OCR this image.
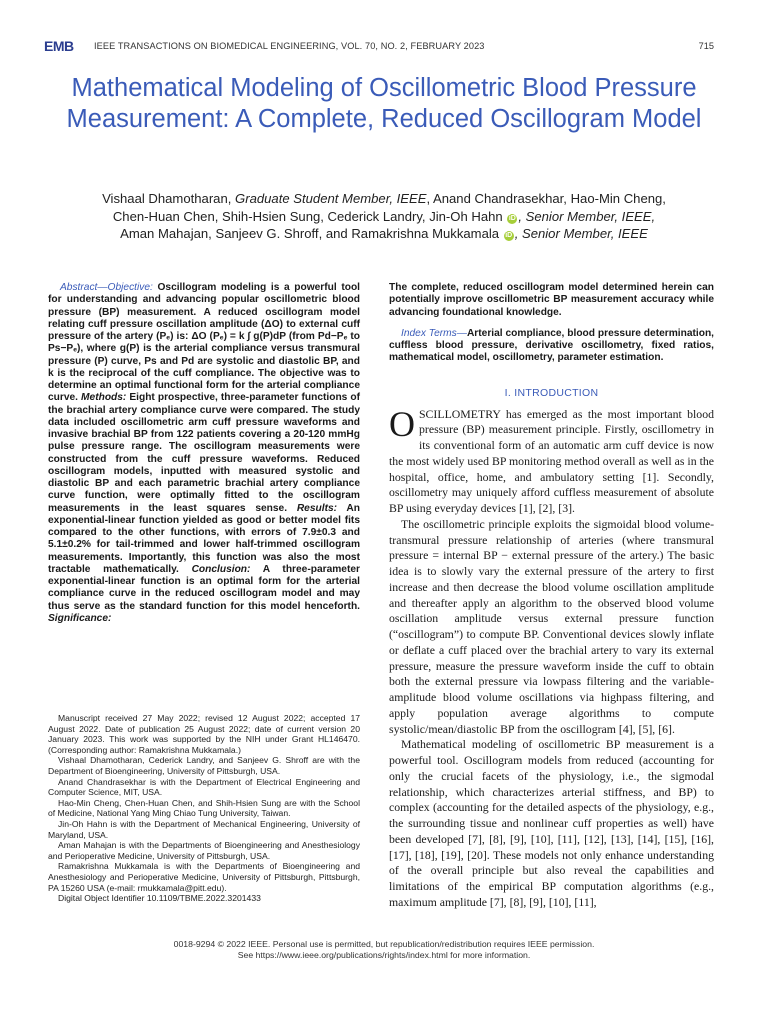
EMB IEEE TRANSACTIONS ON BIOMEDICAL ENGINEERING, VOL. 70, NO. 2, FEBRUARY 2023	715
Mathematical Modeling of Oscillometric Blood Pressure Measurement: A Complete, Reduced Oscillogram Model
Vishaal Dhamotharan, Graduate Student Member, IEEE, Anand Chandrasekhar, Hao-Min Cheng,
Chen-Huan Chen, Shih-Hsien Sung, Cederick Landry, Jin-Oh Hahn iD , Senior Member, IEEE,
Aman Mahajan, Sanjeev G. Shroff, and Ramakrishna Mukkamala iD , Senior Member, IEEE

Abstract—Objective: Oscillogram modeling is a powerful tool for understanding and advancing popular oscillometric blood pressure (BP) measurement. A reduced oscillogram model relating cuff pressure oscillation amplitude (ΔO) to external cuff pressure of the artery (Pₑ) is: ΔO (Pₑ) = k ∫ g(P)dP (from Pd−Pₑ to Ps−Pₑ), where g(P) is the arterial compliance versus transmural pressure (P) curve, Ps and Pd are systolic and diastolic BP, and k is the reciprocal of the cuff compliance. The objective was to determine an optimal functional form for the arterial compliance curve. Methods: Eight prospective, three-parameter functions of the brachial artery compliance curve were compared. The study data included oscillometric arm cuff pressure waveforms and invasive brachial BP from 122 patients covering a 20-120 mmHg pulse pressure range. The oscillogram measurements were constructed from the cuff pressure waveforms. Reduced oscillogram models, inputted with measured systolic and diastolic BP and each parametric brachial artery compliance curve function, were optimally fitted to the oscillogram measurements in the least squares sense. Results: An exponential-linear function yielded as good or better model fits compared to the other functions, with errors of 7.9±0.3 and 5.1±0.2% for tail-trimmed and lower half-trimmed oscillogram measurements. Importantly, this function was also the most tractable mathematically. Conclusion: A three-parameter exponential-linear function is an optimal form for the arterial compliance curve in the reduced oscillogram model and may thus serve as the standard function for this model henceforth. Significance:

Manuscript received 27 May 2022; revised 12 August 2022; accepted 17 August 2022. Date of publication 25 August 2022; date of current version 20 January 2023. This work was supported by the NIH under Grant HL146470. (Corresponding author: Ramakrishna Mukkamala.)

Vishaal Dhamotharan, Cederick Landry, and Sanjeev G. Shroff are with the Department of Bioengineering, University of Pittsburgh, USA.

Anand Chandrasekhar is with the Department of Electrical Engineering and Computer Science, MIT, USA.

Hao-Min Cheng, Chen-Huan Chen, and Shih-Hsien Sung are with the School of Medicine, National Yang Ming Chiao Tung University, Taiwan.

Jin-Oh Hahn is with the Department of Mechanical Engineering, University of Maryland, USA.

Aman Mahajan is with the Departments of Bioengineering and Anesthesiology and Perioperative Medicine, University of Pittsburgh, USA.

Ramakrishna Mukkamala is with the Departments of Bioengineering and Anesthesiology and Perioperative Medicine, University of Pittsburgh, Pittsburgh, PA 15260 USA (e-mail: rmukkamala@pitt.edu).

Digital Object Identifier 10.1109/TBME.2022.3201433

The complete, reduced oscillogram model determined herein can potentially improve oscillometric BP measurement accuracy while advancing foundational knowledge.

Index Terms—Arterial compliance, blood pressure determination, cuffless blood pressure, derivative oscillometry, fixed ratios, mathematical model, oscillometry, parameter estimation.

I. INTRODUCTION

OSCILLOMETRY has emerged as the most important blood pressure (BP) measurement principle. Firstly, oscillometry in its conventional form of an automatic arm cuff device is now the most widely used BP monitoring method overall as well as in the hospital, office, home, and ambulatory setting [1]. Secondly, oscillometry may uniquely afford cuffless measurement of absolute BP using everyday devices [1], [2], [3].

The oscillometric principle exploits the sigmoidal blood volume-transmural pressure relationship of arteries (where transmural pressure = internal BP − external pressure of the artery.) The basic idea is to slowly vary the external pressure of the artery to first increase and then decrease the blood volume oscillation amplitude and thereafter apply an algorithm to the observed blood volume oscillation amplitude versus external pressure function (“oscillogram”) to compute BP. Conventional devices slowly inflate or deflate a cuff placed over the brachial artery to vary its external pressure, measure the pressure waveform inside the cuff to obtain both the external pressure via lowpass filtering and the variable-amplitude blood volume oscillations via highpass filtering, and apply population average algorithms to compute systolic/mean/diastolic BP from the oscillogram [4], [5], [6].

Mathematical modeling of oscillometric BP measurement is a powerful tool. Oscillogram models from reduced (accounting for only the crucial facets of the physiology, i.e., the sigmodal relationship, which characterizes arterial stiffness, and BP) to complex (accounting for the detailed aspects of the physiology, e.g., the surrounding tissue and nonlinear cuff properties as well) have been developed [7], [8], [9], [10], [11], [12], [13], [14], [15], [16], [17], [18], [19], [20]. These models not only enhance understanding of the overall principle but also reveal the capabilities and limitations of the empirical BP computation algorithms (e.g., maximum amplitude [7], [8], [9], [10], [11],

0018-9294 © 2022 IEEE. Personal use is permitted, but republication/redistribution requires IEEE permission.
See https://www.ieee.org/publications/rights/index.html for more information.
